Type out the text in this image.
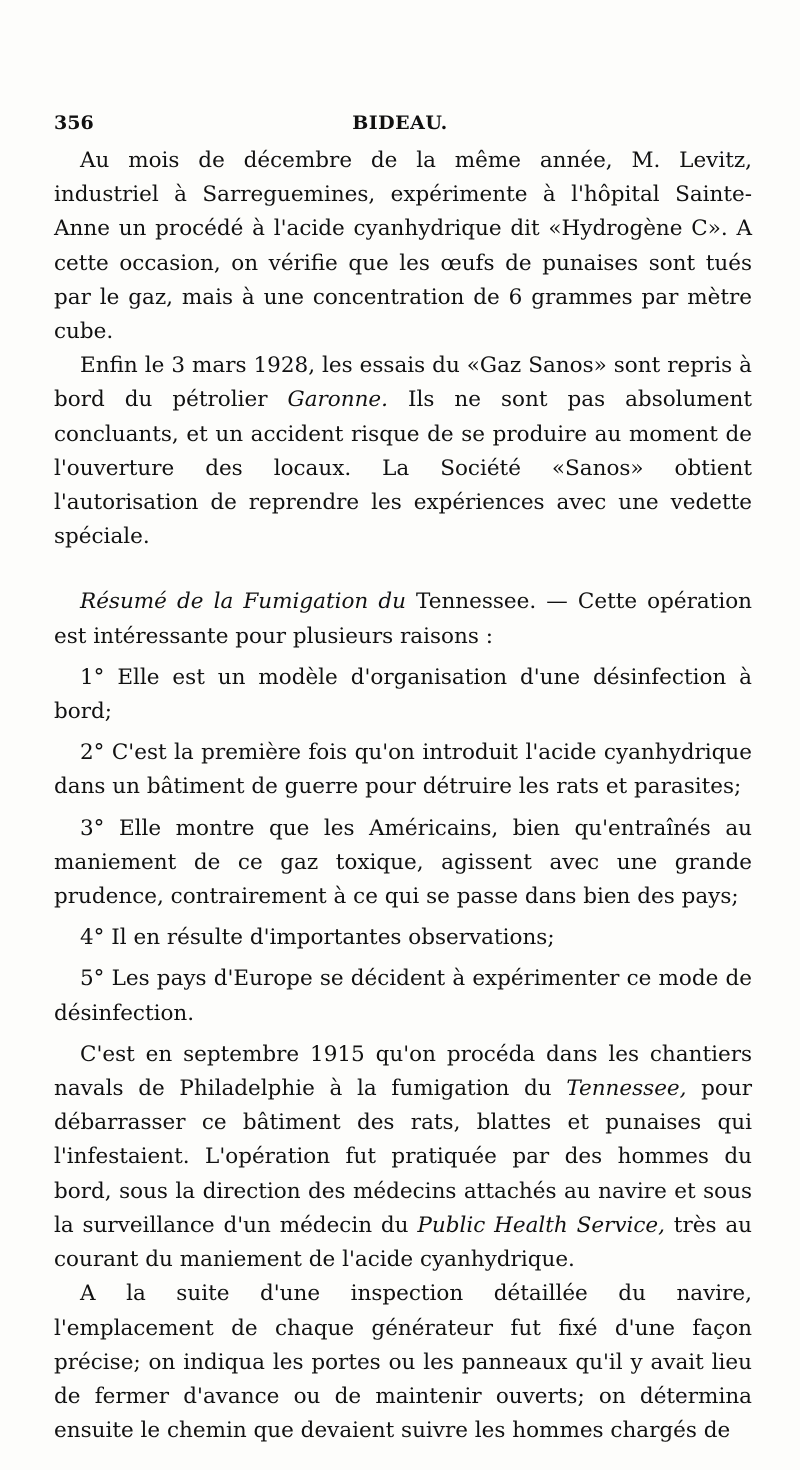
356	BIDEAU.

Au mois de décembre de la même année, M. Levitz, industriel à Sarreguemines, expérimente à l'hôpital Sainte-Anne un procédé à l'acide cyanhydrique dit «Hydrogène C». A cette occasion, on vérifie que les œufs de punaises sont tués par le gaz, mais à une concentration de 6 grammes par mètre cube.

Enfin le 3 mars 1928, les essais du «Gaz Sanos» sont repris à bord du pétrolier Garonne. Ils ne sont pas absolument concluants, et un accident risque de se produire au moment de l'ouverture des locaux. La Société «Sanos» obtient l'autorisation de reprendre les expériences avec une vedette spéciale.

Résumé de la Fumigation du Tennessee. — Cette opération est intéressante pour plusieurs raisons :

1° Elle est un modèle d'organisation d'une désinfection à bord;

2° C'est la première fois qu'on introduit l'acide cyanhydrique dans un bâtiment de guerre pour détruire les rats et parasites;

3° Elle montre que les Américains, bien qu'entraînés au maniement de ce gaz toxique, agissent avec une grande prudence, contrairement à ce qui se passe dans bien des pays;

4° Il en résulte d'importantes observations;

5° Les pays d'Europe se décident à expérimenter ce mode de désinfection.

C'est en septembre 1915 qu'on procéda dans les chantiers navals de Philadelphie à la fumigation du Tennessee, pour débarrasser ce bâtiment des rats, blattes et punaises qui l'infestaient. L'opération fut pratiquée par des hommes du bord, sous la direction des médecins attachés au navire et sous la surveillance d'un médecin du Public Health Service, très au courant du maniement de l'acide cyanhydrique.

A la suite d'une inspection détaillée du navire, l'emplacement de chaque générateur fut fixé d'une façon précise; on indiqua les portes ou les panneaux qu'il y avait lieu de fermer d'avance ou de maintenir ouverts; on détermina ensuite le chemin que devaient suivre les hommes chargés de
